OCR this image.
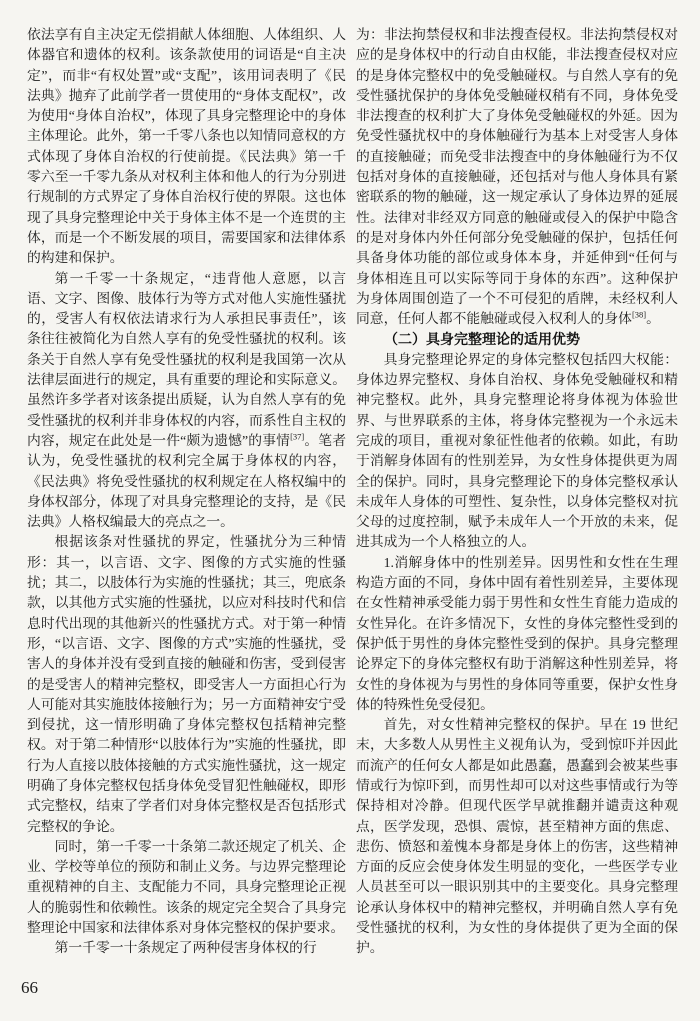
依法享有自主决定无偿捐献人体细胞、人体组织、人体器官和遗体的权利。该条款使用的词语是“自主决定”，而非“有权处置”或“支配”，该用词表明了《民法典》抛弃了此前学者一贯使用的“身体支配权”，改为使用“身体自治权”，体现了具身完整理论中的身体主体理论。此外，第一千零八条也以知情同意权的方式体现了身体自治权的行使前提。《民法典》第一千零六至一千零九条从对权利主体和他人的行为分别进行规制的方式界定了身体自治权行使的界限。这也体现了具身完整理论中关于身体主体不是一个连贯的主体，而是一个不断发展的项目，需要国家和法律体系的构建和保护。

第一千零一十条规定，“违背他人意愿，以言语、文字、图像、肢体行为等方式对他人实施性骚扰的，受害人有权依法请求行为人承担民事责任”，该条往往被简化为自然人享有的免受性骚扰的权利。该条关于自然人享有免受性骚扰的权利是我国第一次从法律层面进行的规定，具有重要的理论和实际意义。虽然许多学者对该条提出质疑，认为自然人享有的免受性骚扰的权利并非身体权的内容，而系性自主权的内容，规定在此处是一件“颇为遗憾”的事情[37]。笔者认为，免受性骚扰的权利完全属于身体权的内容，《民法典》将免受性骚扰的权利规定在人格权编中的身体权部分，体现了对具身完整理论的支持，是《民法典》人格权编最大的亮点之一。

根据该条对性骚扰的界定，性骚扰分为三种情形：其一，以言语、文字、图像的方式实施的性骚扰；其二，以肢体行为实施的性骚扰；其三，兜底条款，以其他方式实施的性骚扰，以应对科技时代和信息时代出现的其他新兴的性骚扰方式。对于第一种情形，“以言语、文字、图像的方式”实施的性骚扰，受害人的身体并没有受到直接的触碰和伤害，受到侵害的是受害人的精神完整权，即受害人一方面担心行为人可能对其实施肢体接触行为；另一方面精神安宁受到侵扰，这一情形明确了身体完整权包括精神完整权。对于第二种情形“以肢体行为”实施的性骚扰，即行为人直接以肢体接触的方式实施性骚扰，这一规定明确了身体完整权包括身体免受冒犯性触碰权，即形式完整权，结束了学者们对身体完整权是否包括形式完整权的争论。

同时，第一千零一十条第二款还规定了机关、企业、学校等单位的预防和制止义务。与边界完整理论重视精神的自主、支配能力不同，具身完整理论正视人的脆弱性和依赖性。该条的规定完全契合了具身完整理论中国家和法律体系对身体完整权的保护要求。

第一千零一十条规定了两种侵害身体权的行

为：非法拘禁侵权和非法搜查侵权。非法拘禁侵权对应的是身体权中的行动自由权能，非法搜查侵权对应的是身体完整权中的免受触碰权。与自然人享有的免受性骚扰保护的身体免受触碰权稍有不同，身体免受非法搜查的权利扩大了身体免受触碰权的外延。因为免受性骚扰权中的身体触碰行为基本上对受害人身体的直接触碰；而免受非法搜查中的身体触碰行为不仅包括对身体的直接触碰，还包括对与他人身体具有紧密联系的物的触碰，这一规定承认了身体边界的延展性。法律对非经双方同意的触碰或侵入的保护中隐含的是对身体内外任何部分免受触碰的保护，包括任何具备身体功能的部位或身体本身，并延伸到“任何与身体相连且可以实际等同于身体的东西”。这种保护为身体周围创造了一个不可侵犯的盾牌，未经权利人同意，任何人都不能触碰或侵入权利人的身体[38]。

（二）具身完整理论的适用优势

具身完整理论界定的身体完整权包括四大权能：身体边界完整权、身体自治权、身体免受触碰权和精神完整权。此外，具身完整理论将身体视为体验世界、与世界联系的主体，将身体完整视为一个永远未完成的项目，重视对象征性他者的依赖。如此，有助于消解身体固有的性别差异，为女性身体提供更为周全的保护。同时，具身完整理论下的身体完整权承认未成年人身体的可塑性、复杂性，以身体完整权对抗父母的过度控制，赋予未成年人一个开放的未来，促进其成为一个人格独立的人。

1.消解身体中的性别差异。因男性和女性在生理构造方面的不同，身体中固有着性别差异，主要体现在女性精神承受能力弱于男性和女性生育能力造成的女性异化。在许多情况下，女性的身体完整性受到的保护低于男性的身体完整性受到的保护。具身完整理论界定下的身体完整权有助于消解这种性别差异，将女性的身体视为与男性的身体同等重要，保护女性身体的特殊性免受侵犯。

首先，对女性精神完整权的保护。早在 19 世纪末，大多数人从男性主义视角认为，受到惊吓并因此而流产的任何女人都是如此愚蠢，愚蠢到会被某些事情或行为惊吓到，而男性却可以对这些事情或行为等保持相对冷静。但现代医学早就推翻并谴责这种观点，医学发现，恐惧、震惊，甚至精神方面的焦虑、悲伤、愤怒和羞愧本身都是身体上的伤害，这些精神方面的反应会使身体发生明显的变化，一些医学专业人员甚至可以一眼识别其中的主要变化。具身完整理论承认身体权中的精神完整权，并明确自然人享有免受性骚扰的权利，为女性的身体提供了更为全面的保护。

66
